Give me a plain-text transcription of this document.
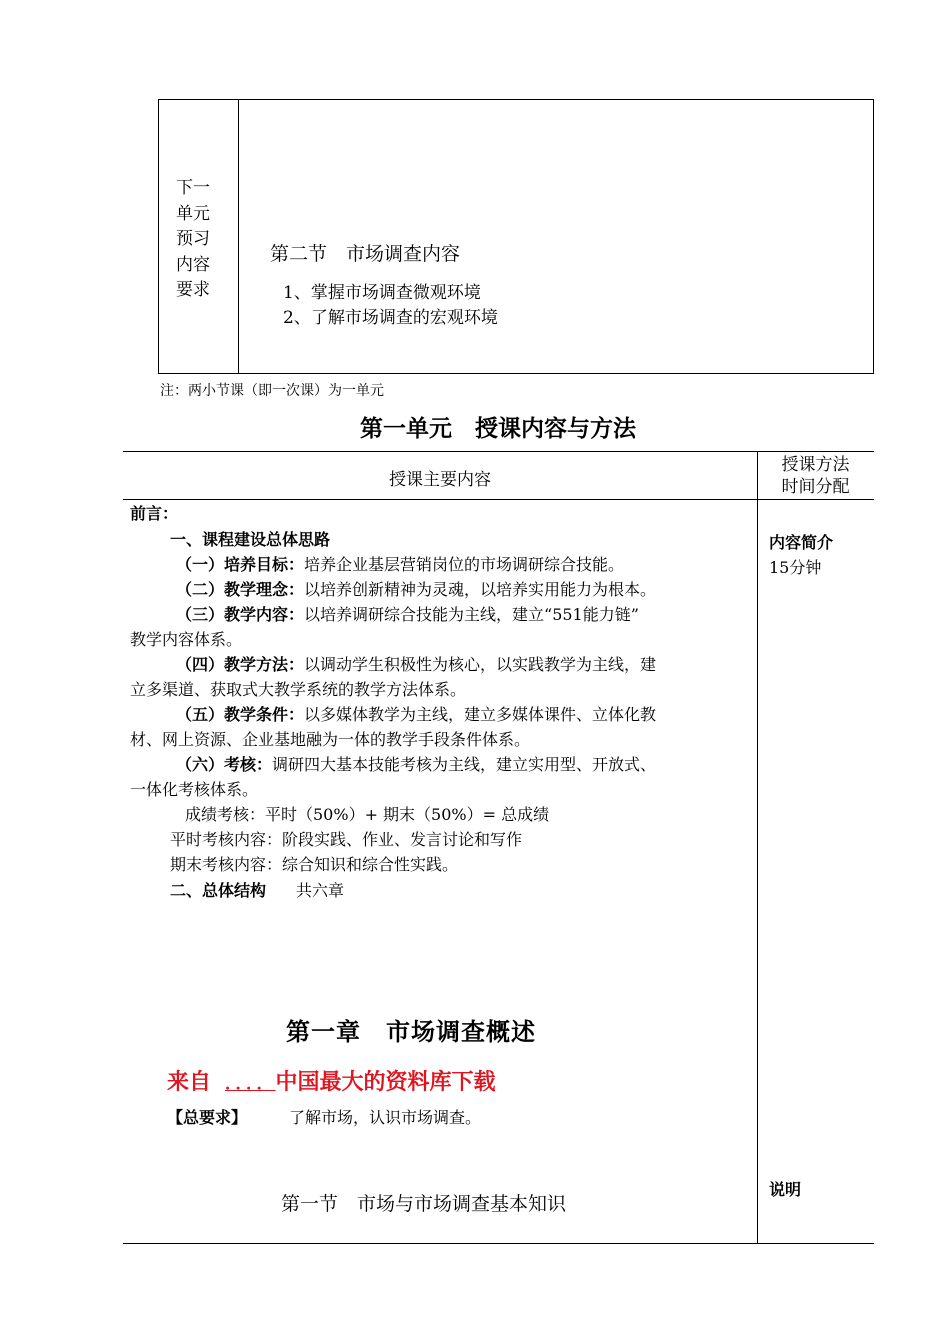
下一
单元
预习
内容
要求
第二节　市场调查内容
1、掌握市场调查微观环境
2、了解市场调查的宏观环境
注：两小节课（即一次课）为一单元
第一单元　授课内容与方法
授课主要内容
授课方法
时间分配
前言：
一、课程建设总体思路
（一）培养目标：培养企业基层营销岗位的市场调研综合技能。
（二）教学理念：以培养创新精神为灵魂，以培养实用能力为根本。
（三）教学内容：以培养调研综合技能为主线，建立“551能力链”
教学内容体系。
（四）教学方法：以调动学生积极性为核心，以实践教学为主线，建
立多渠道、获取式大教学系统的教学方法体系。
（五）教学条件：以多媒体教学为主线，建立多媒体课件、立体化教
材、网上资源、企业基地融为一体的教学手段条件体系。
（六）考核：调研四大基本技能考核为主线，建立实用型、开放式、
一体化考核体系。
成绩考核：平时（50%）+ 期末（50%）= 总成绩
平时考核内容：阶段实践、作业、发言讨论和写作
期末考核内容：综合知识和综合性实践。
二、总体结构 共六章
第一章　市场调查概述
来自 ．．．．中国最大的资料库下载
【总要求】	了解市场，认识市场调查。
第一节　市场与市场调查基本知识
内容简介
15分钟
说明
